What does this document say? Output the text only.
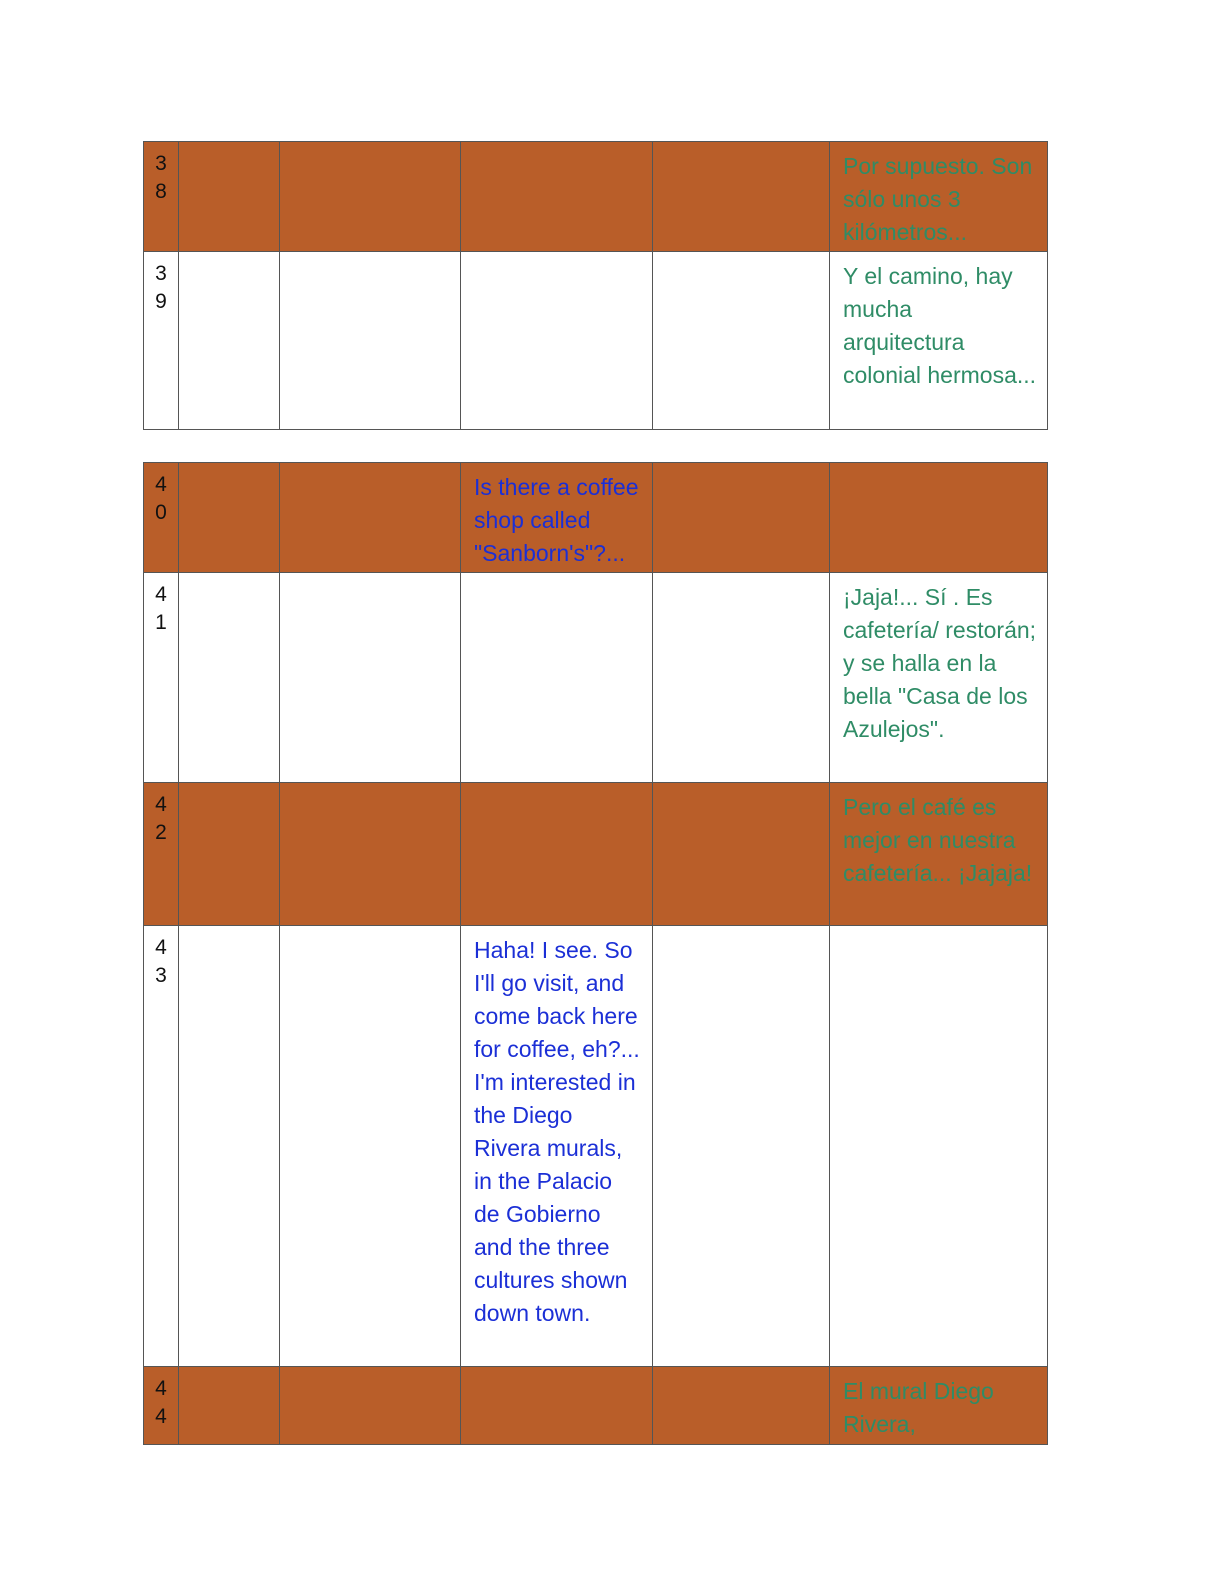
3
8					Por supuesto. Son sólo unos 3 kilómetros...

3
9					Y el camino, hay mucha arquitectura colonial hermosa...
4
0			Is there a coffee shop called "Sanborn's"?...		

4
1					¡Jaja!... Sí . Es cafetería/ restorán; y se halla en la bella "Casa de los Azulejos".

4
2					Pero el café es mejor en nuestra cafetería... ¡Jajaja!

4
3			Haha! I see. So I'll go visit, and come back here for coffee, eh?... I'm interested in the Diego Rivera murals, in the Palacio de Gobierno and the three cultures shown down town.		

4
4					El mural Diego Rivera,
